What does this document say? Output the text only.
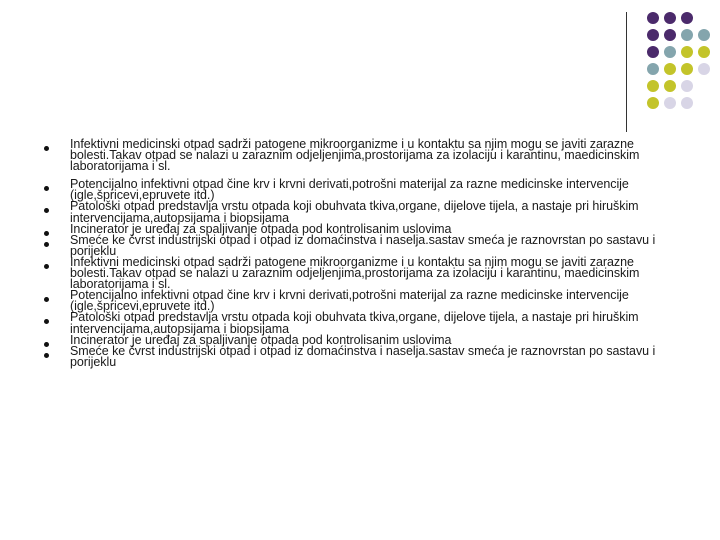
Infektivni medicinski otpad sadrži patogene mikroorganizme i u kontaktu sa njim mogu se javiti zarazne bolesti.Takav otpad se nalazi u zaraznim odjeljenjima,prostorijama za izolaciju i karantinu, maedicinskim laboratorijama i sl.
Potencijalno infektivni otpad čine krv i krvni derivati,potrošni materijal za razne medicinske intervencije (igle,špricevi,epruvete itd.)
Patološki otpad predstavlja vrstu otpada koji obuhvata tkiva,organe, dijelove tijela, a nastaje pri hiruškim intervencijama,autopsijama i biopsijama
Incinerator je uređaj za spaljivanje otpada pod kontrolisanim uslovima
Smeće ke čvrst industrijski otpad i otpad iz domaćinstva i naselja.sastav smeća je raznovrstan po sastavu i porijeklu
Infektivni medicinski otpad sadrži patogene mikroorganizme i u kontaktu sa njim mogu se javiti zarazne bolesti.Takav otpad se nalazi u zaraznim odjeljenjima,prostorijama za izolaciju i karantinu, maedicinskim laboratorijama i sl.
Potencijalno infektivni otpad čine krv i krvni derivati,potrošni materijal za razne medicinske intervencije (igle,špricevi,epruvete itd.)
Patološki otpad predstavlja vrstu otpada koji obuhvata tkiva,organe, dijelove tijela, a nastaje pri hiruškim intervencijama,autopsijama i biopsijama
Incinerator je uređaj za spaljivanje otpada pod kontrolisanim uslovima
Smeće ke čvrst industrijski otpad i otpad iz domaćinstva i naselja.sastav smeća je raznovrstan po sastavu i porijeklu
